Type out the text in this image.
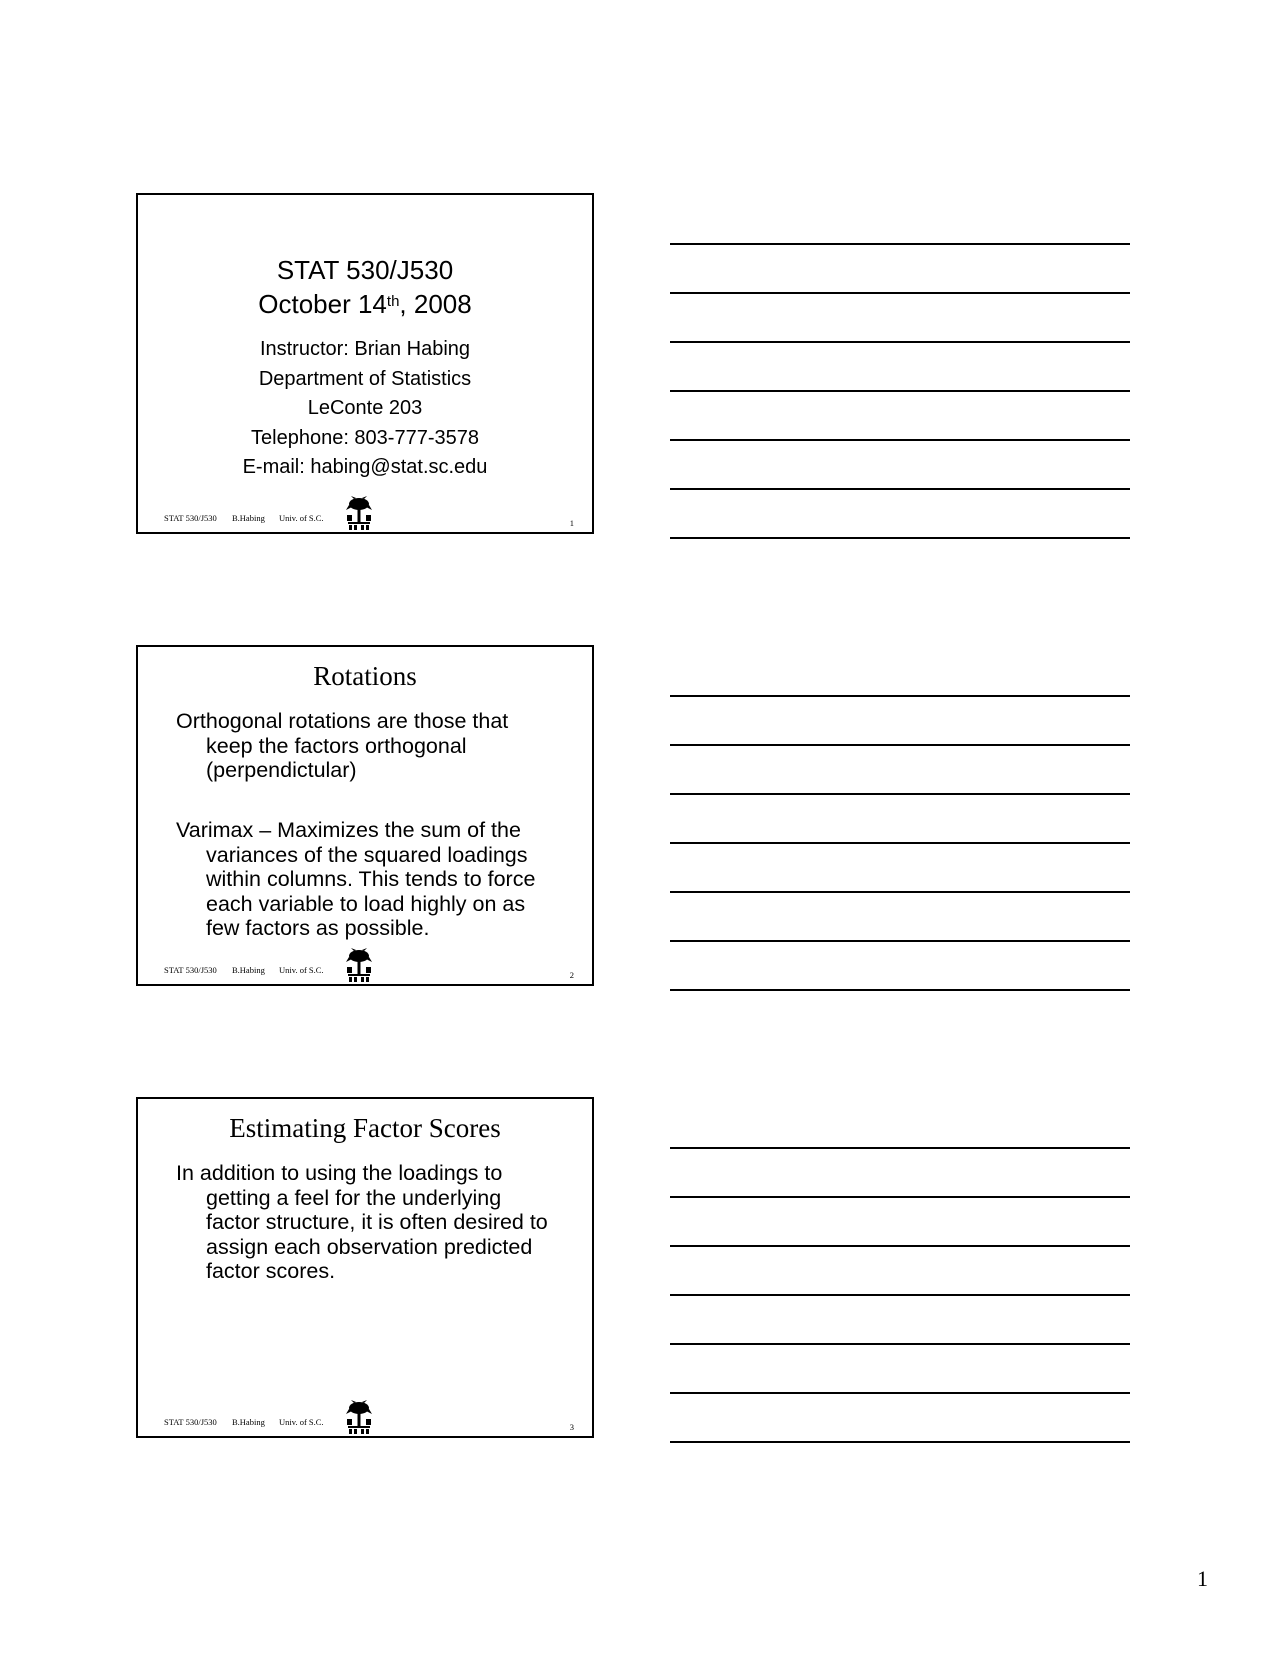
STAT 530/J530
October 14th, 2008
Instructor: Brian Habing
Department of Statistics
LeConte 203
Telephone: 803-777-3578
E-mail: habing@stat.sc.edu
STAT 530/J530 B.Habing Univ. of S.C.	1
Rotations
Orthogonal rotations are those that
keep the factors orthogonal
(perpendictular)
Varimax – Maximizes the sum of the
variances of the squared loadings
within columns. This tends to force
each variable to load highly on as
few factors as possible.
STAT 530/J530 B.Habing Univ. of S.C.	2
Estimating Factor Scores
In addition to using the loadings to
getting a feel for the underlying
factor structure, it is often desired to
assign each observation predicted
factor scores.
STAT 530/J530 B.Habing Univ. of S.C.	3
1
